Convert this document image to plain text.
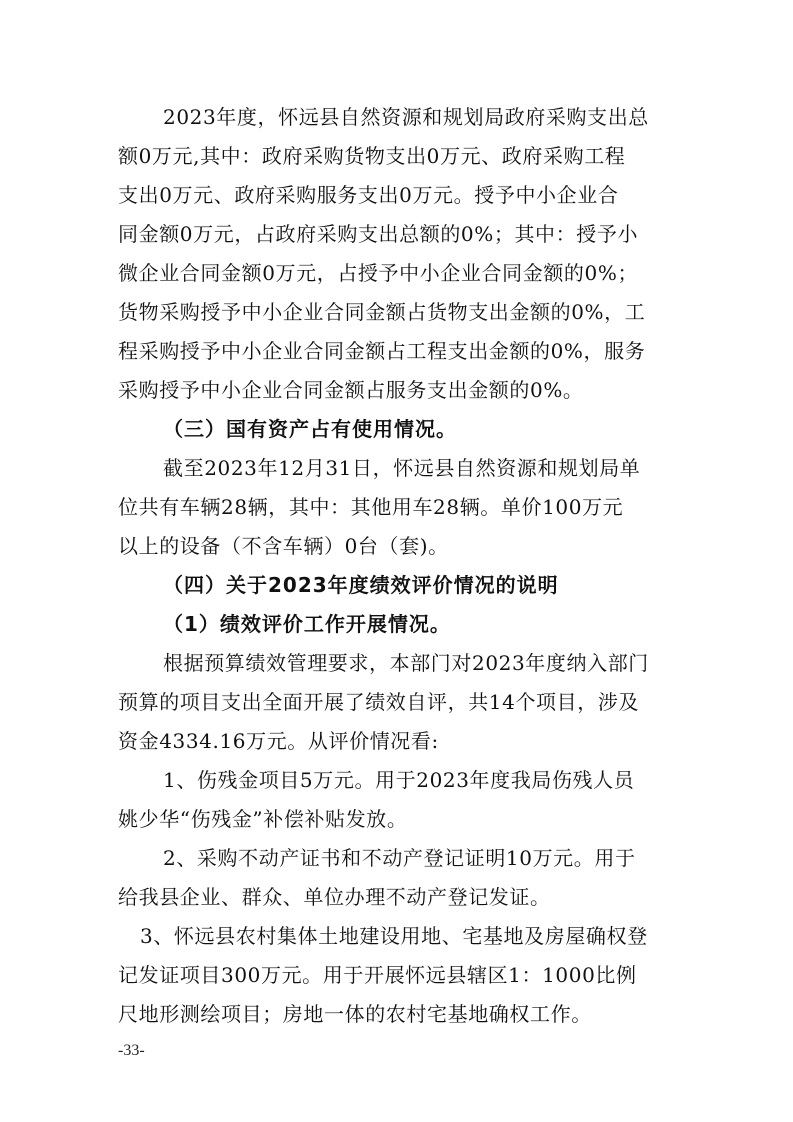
2023年度，怀远县自然资源和规划局政府采购支出总
额0万元,其中：政府采购货物支出0万元、政府采购工程
支出0万元、政府采购服务支出0万元。授予中小企业合
同金额0万元，占政府采购支出总额的0%；其中：授予小
微企业合同金额0万元，占授予中小企业合同金额的0%；
货物采购授予中小企业合同金额占货物支出金额的0%，工
程采购授予中小企业合同金额占工程支出金额的0%，服务
采购授予中小企业合同金额占服务支出金额的0%。
（三）国有资产占有使用情况。
截至2023年12月31日，怀远县自然资源和规划局单
位共有车辆28辆，其中：其他用车28辆。单价100万元
以上的设备（不含车辆）0台（套)。
（四）关于2023年度绩效评价情况的说明
（1）绩效评价工作开展情况。
根据预算绩效管理要求，本部门对2023年度纳入部门
预算的项目支出全面开展了绩效自评，共14个项目，涉及
资金4334.16万元。从评价情况看:
1、伤残金项目5万元。用于2023年度我局伤残人员
姚少华“伤残金”补偿补贴发放。
2、采购不动产证书和不动产登记证明10万元。用于
给我县企业、群众、单位办理不动产登记发证。
3、怀远县农村集体土地建设用地、宅基地及房屋确权登
记发证项目300万元。用于开展怀远县辖区1：1000比例
尺地形测绘项目；房地一体的农村宅基地确权工作。
-33-
